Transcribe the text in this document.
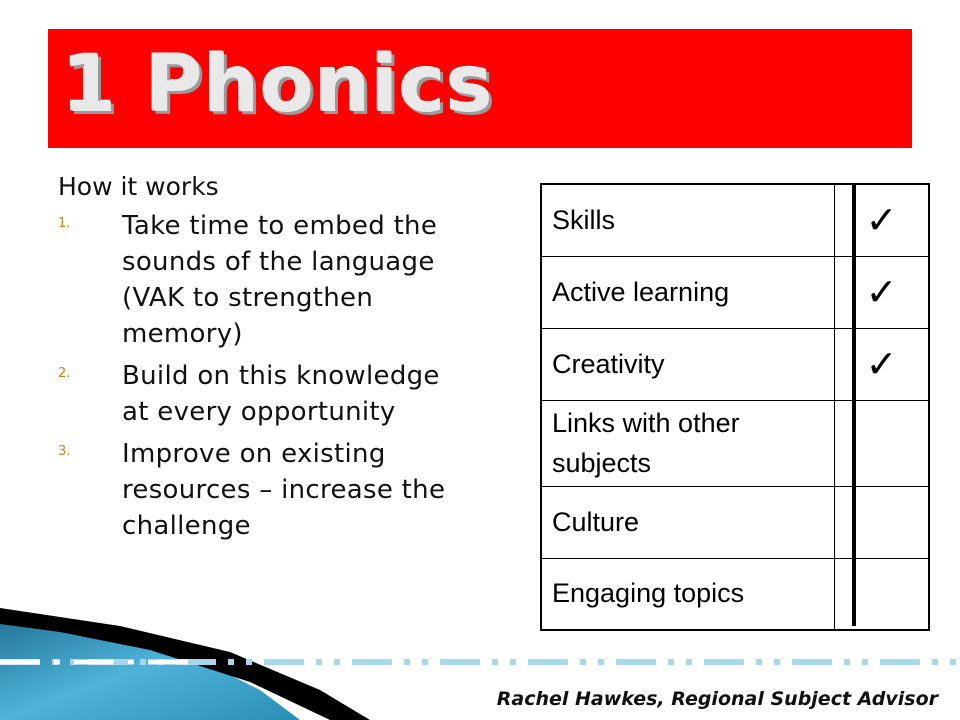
1 Phonics
How it works
1. Take time to embed the sounds of the language (VAK to strengthen memory)
2. Build on this knowledge at every opportunity
3. Improve on existing resources – increase the challenge
Skills	✓
Active learning	✓
Creativity	✓
Links with other subjects	
Culture	
Engaging topics	
Rachel Hawkes, Regional Subject Advisor
